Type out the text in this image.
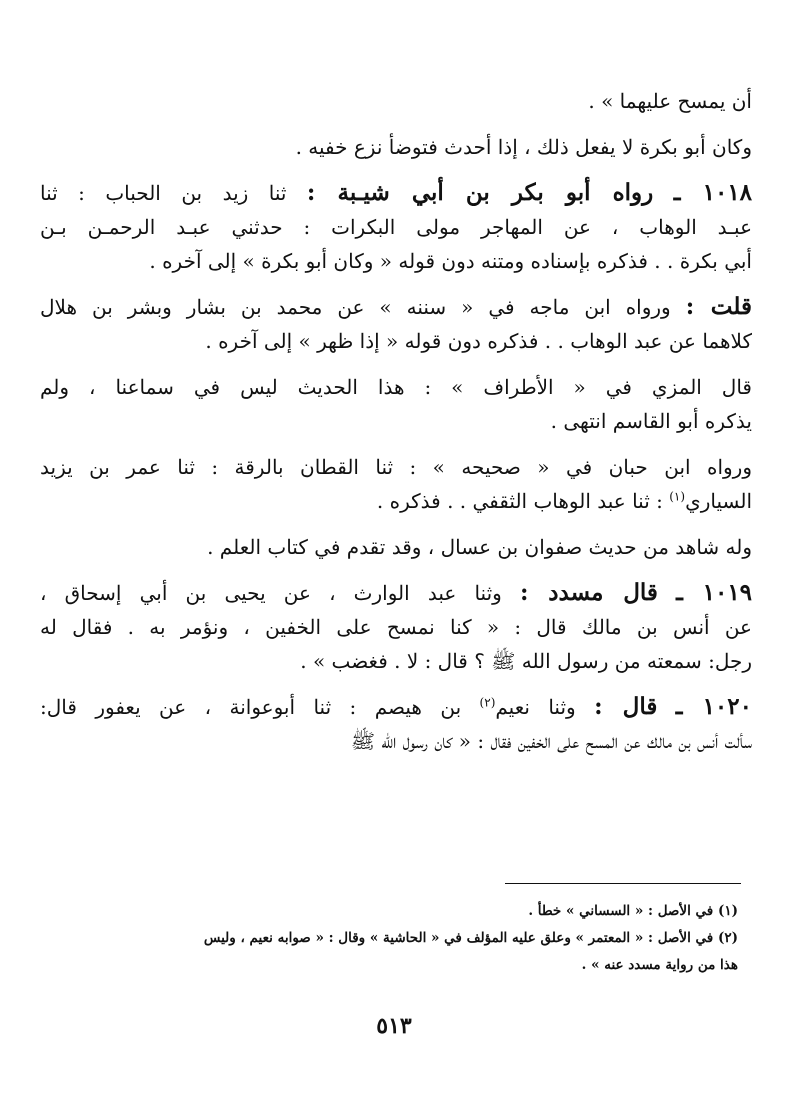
أن يمسح عليهما » .
وكان أبو بكرة لا يفعل ذلك ، إذا أحدث فتوضأ نزع خفيه .
١٠١٨ ـ رواه أبو بكر بن أبي شيـبة : ثنا زيد بن الحباب : ثنا
عبـد الوهاب ، عن المهاجر مولى البكرات : حدثني عبـد الرحمـن بـن
أبي بكرة . . فذكره بإسناده ومتنه دون قوله « وكان أبو بكرة » إلى آخره .
قلت : ورواه ابن ماجه في « سننه » عن محمد بن بشار وبشر بن هلال
كلاهما عن عبد الوهاب . . فذكره دون قوله « إذا ظهر » إلى آخره .
قال المزي في « الأطراف » : هذا الحديث ليس في سماعنا ، ولم
يذكره أبو القاسم انتهى .
ورواه ابن حبان في « صحيحه » : ثنا القطان بالرقة : ثنا عمر بن يزيد
السياري$^{(١)}$ : ثنا عبد الوهاب الثقفي . . فذكره .
وله شاهد من حديث صفوان بن عسال ، وقد تقدم في كتاب العلم .
١٠١٩ ـ قال مسدد : وثنا عبد الوارث ، عن يحيى بن أبي إسحاق ،
عن أنس بن مالك قال : « كنا نمسح على الخفين ، ونؤمر به . فقال له
رجل: سمعته من رسول الله ﷺ ؟ قال : لا . فغضب » .
١٠٢٠ ـ قال : وثنا نعيم$^{(٢)}$ بن هيصم : ثنا أبوعوانة ، عن يعفور قال:
سألت أنس بن مالك عن المسح على الخفين فقال : « كان رسول الله ﷺ
(١) في الأصل : « السساني » خطأ .
(٢) في الأصل : « المعتمر » وعلق عليه المؤلف في « الحاشية » وقال : « صوابه نعيم ، وليس
هذا من رواية مسدد عنه » .
٥١٣
